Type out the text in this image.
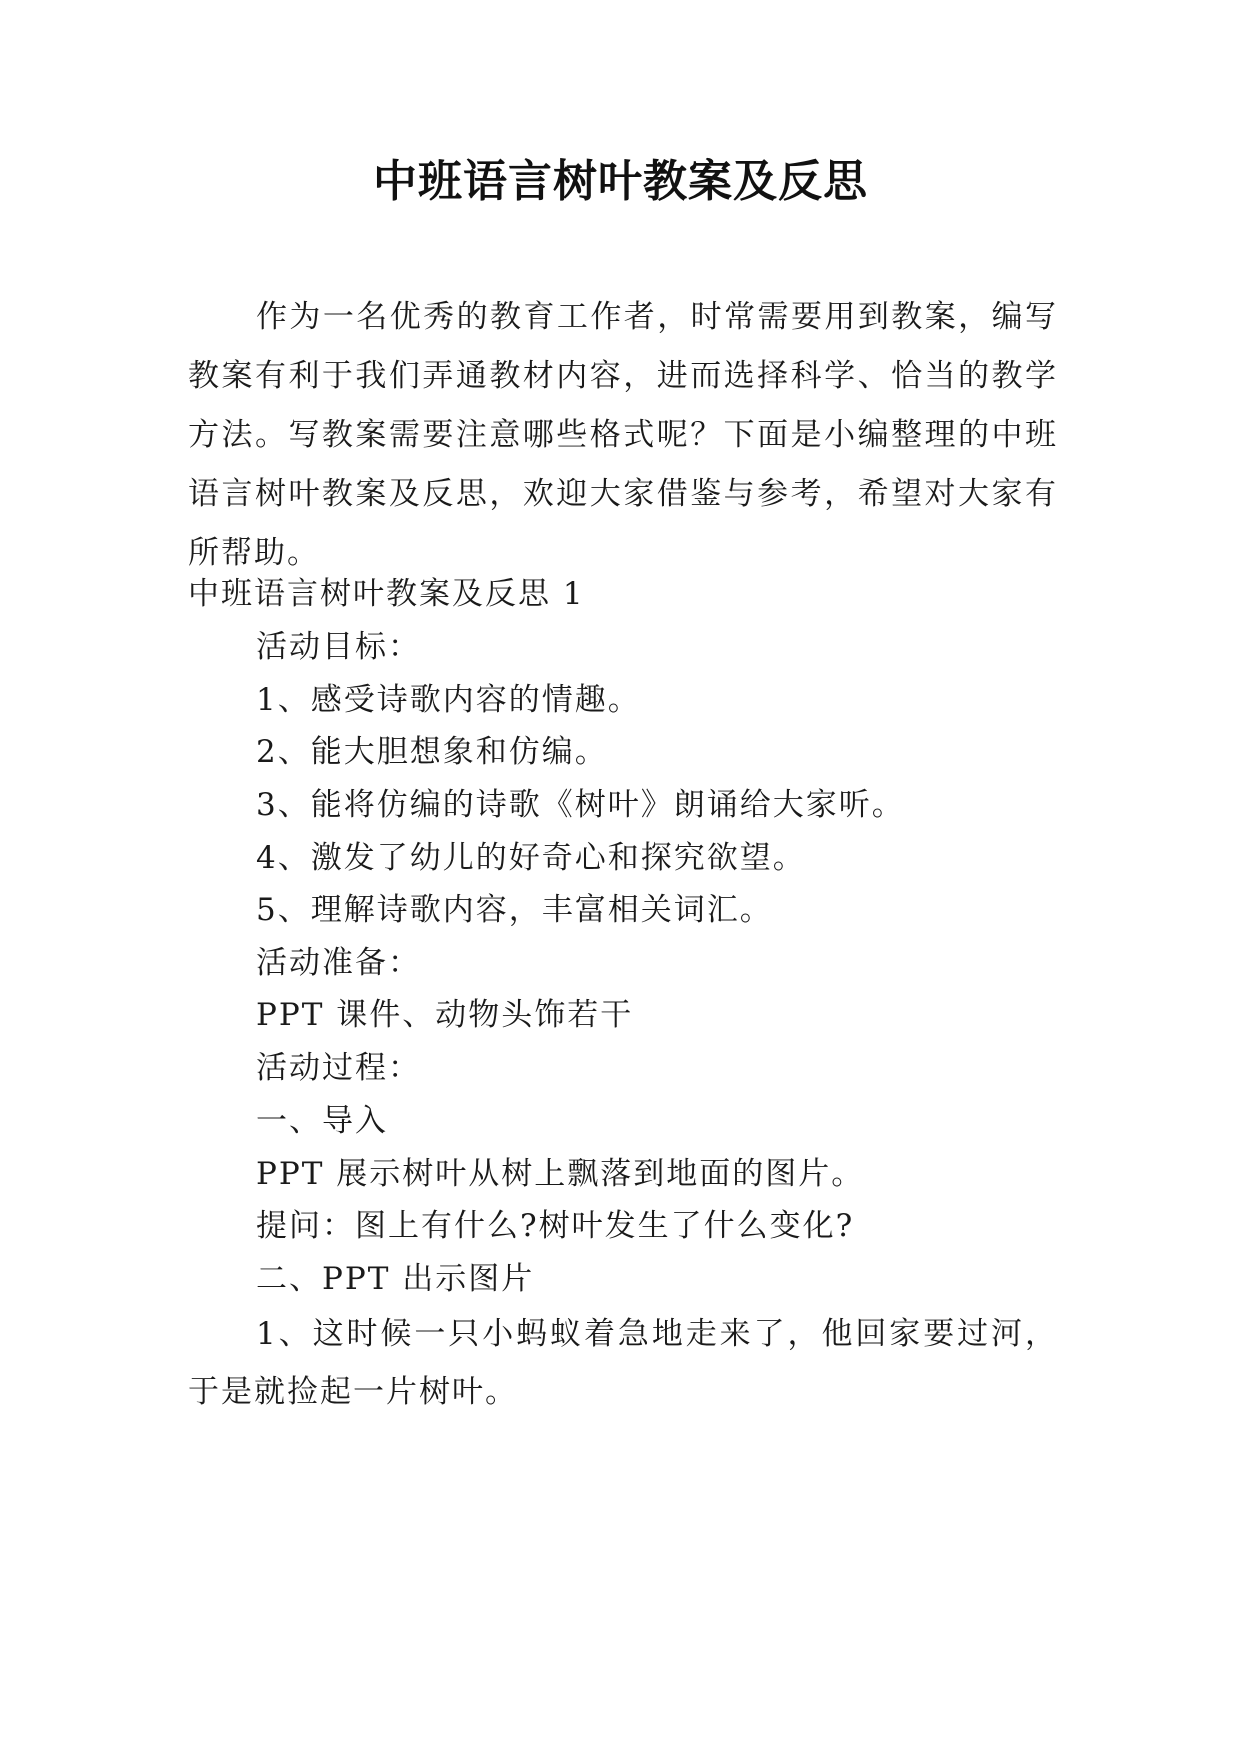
中班语言树叶教案及反思

作为一名优秀的教育工作者，时常需要用到教案，编写教案有利于我们弄通教材内容，进而选择科学、恰当的教学方法。写教案需要注意哪些格式呢？下面是小编整理的中班语言树叶教案及反思，欢迎大家借鉴与参考，希望对大家有所帮助。

中班语言树叶教案及反思 1
活动目标：
1、感受诗歌内容的情趣。
2、能大胆想象和仿编。
3、能将仿编的诗歌《树叶》朗诵给大家听。
4、激发了幼儿的好奇心和探究欲望。
5、理解诗歌内容，丰富相关词汇。
活动准备：
PPT 课件、动物头饰若干
活动过程：
一、导入
PPT 展示树叶从树上飘落到地面的图片。
提问：图上有什么?树叶发生了什么变化?
二、PPT 出示图片

1、这时候一只小蚂蚁着急地走来了，他回家要过河，于是就捡起一片树叶。
